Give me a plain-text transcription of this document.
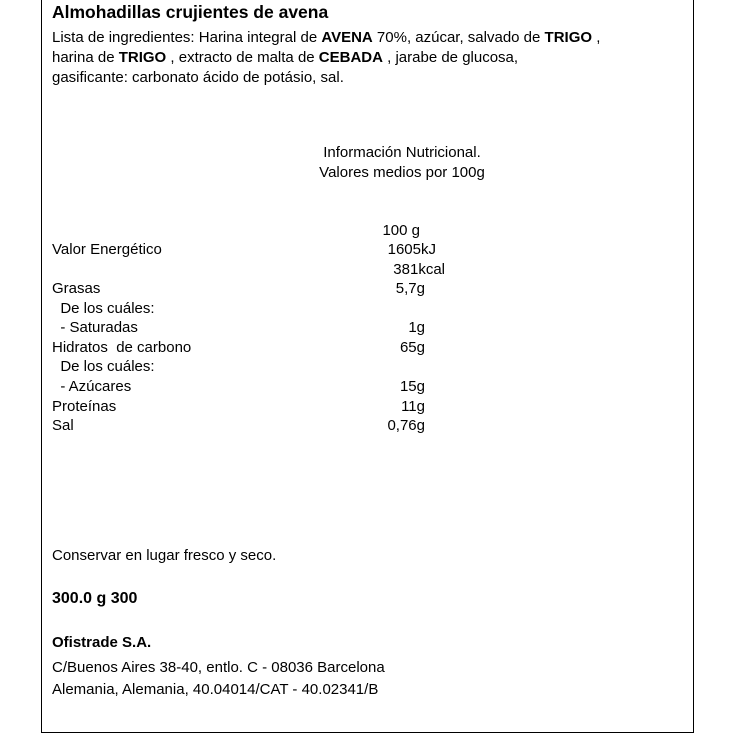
Almohadillas crujientes de avena
Lista de ingredientes: Harina integral de AVENA 70%, azúcar, salvado de TRIGO ,
harina de TRIGO , extracto de malta de CEBADA , jarabe de glucosa,
gasificante: carbonato ácido de potásio, sal.
Información Nutricional.
Valores medios por 100g
100 g
Valor Energético	1605kJ
381kcal
Grasas	5,7g
De los cuáles:
- Saturadas	1g
Hidratos  de carbono	65g
De los cuáles:
- Azúcares	15g
Proteínas	11g
Sal	0,76g
Conservar en lugar fresco y seco.
300.0 g 300
Ofistrade S.A.
C/Buenos Aires 38-40, entlo. C - 08036 Barcelona
Alemania, Alemania, 40.04014/CAT - 40.02341/B
